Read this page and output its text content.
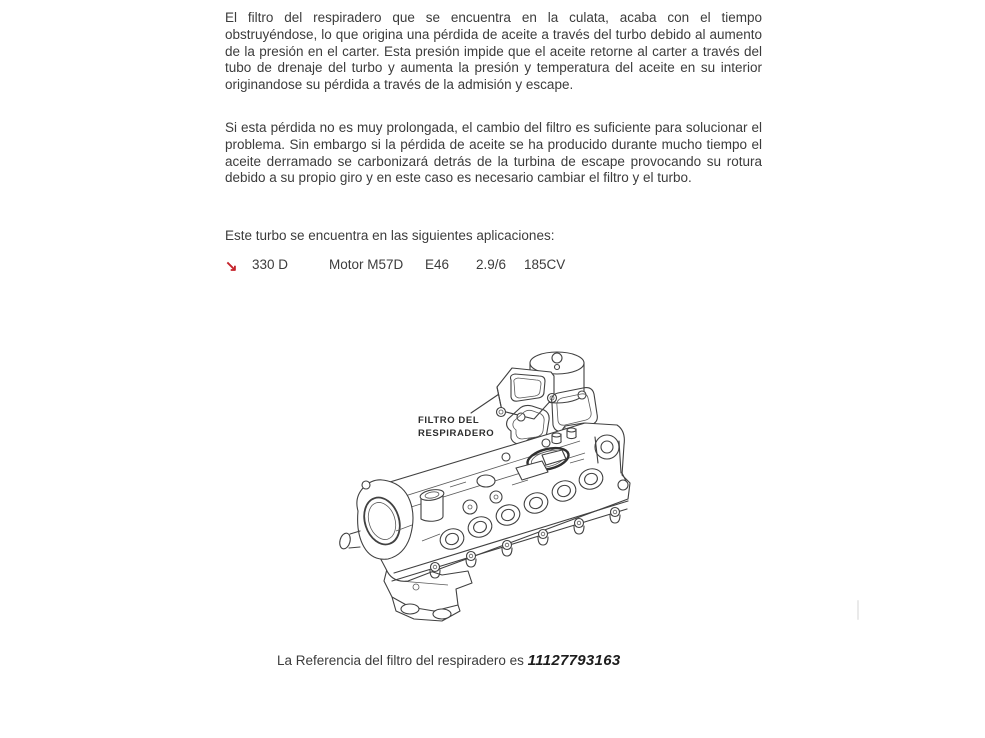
El filtro del respiradero que se encuentra en la culata, acaba con el tiempo obstruyéndose, lo que origina una pérdida de aceite a través del turbo debido al aumento de la presión en el carter. Esta presión impide que el aceite retorne al carter a través del tubo de drenaje del turbo y aumenta la presión y temperatura del aceite en su interior originandose su pérdida a través de la admisión y escape.

Si esta pérdida no es muy prolongada, el cambio del filtro es suficiente para solucionar el problema. Sin embargo si la pérdida de aceite se ha producido durante mucho tiempo el aceite derramado se carbonizará detrás de la turbina de escape provocando su rotura debido a su propio giro y en este caso es necesario cambiar el filtro y el turbo.

Este turbo se encuentra en las siguientes aplicaciones:
↘ 330 D	Motor M57D E46 2.9/6 185CV
FILTRO DEL
RESPIRADERO
La Referencia del filtro del respiradero es 11127793163
